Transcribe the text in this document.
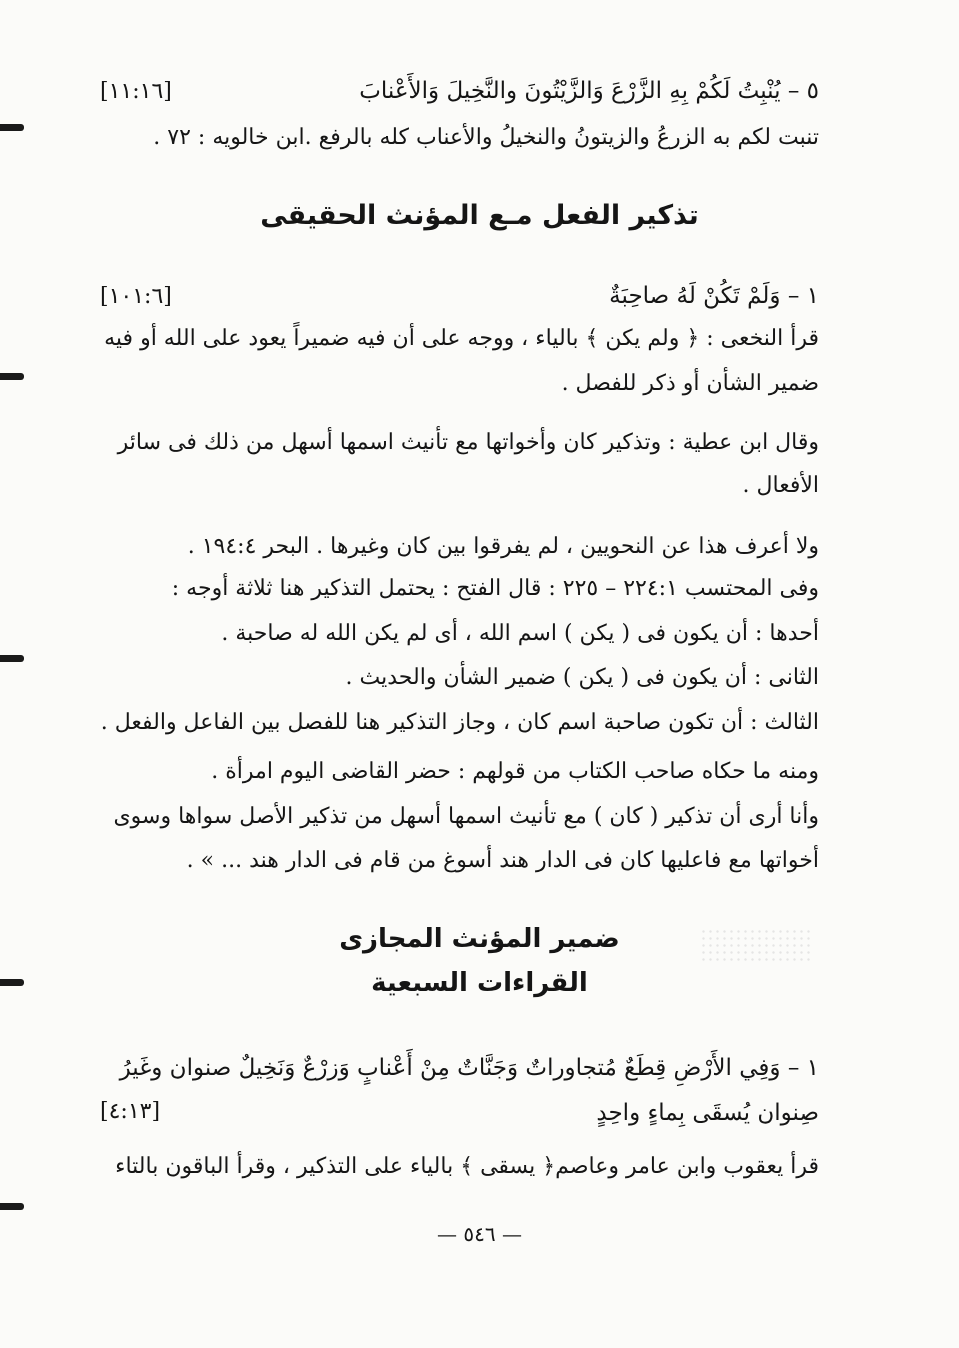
٥ – يُنْبِتُ لَكُمْ بِهِ الزَّرْعَ وَالزَّيْتُونَ والنَّخِيلَ وَالأَعْنابَ
[١١:١٦]
تنبت لكم به الزرعُ والزيتونُ والنخيلُ والأعناب كله بالرفع .ابن خالويه : ٧٢ .
تذكير الفعل مـع المؤنث الحقيقى
١ – وَلَمْ تَكُنْ لَهُ صاحِبَةٌ
[١٠١:٦]
قرأ النخعى : ﴿ ولم يكن ﴾ بالياء ، ووجه على أن فيه ضميراً يعود على الله أو فيه
ضمير الشأن أو ذكر للفصل .
وقال ابن عطية : وتذكير كان وأخواتها مع تأنيث اسمها أسهل من ذلك فى سائر
الأفعال .
ولا أعرف هذا عن النحويين ، لم يفرقوا بين كان وغيرها . البحر ١٩٤:٤ .
وفى المحتسب ٢٢٤:١ – ٢٢٥ : قال الفتح : يحتمل التذكير هنا ثلاثة أوجه :
أحدها : أن يكون فى ( يكن ) اسم الله ، أى لم يكن الله له صاحبة .
الثانى : أن يكون فى ( يكن ) ضمير الشأن والحديث .
الثالث : أن تكون صاحبة اسم كان ، وجاز التذكير هنا للفصل بين الفاعل والفعل .
ومنه ما حكاه صاحب الكتاب من قولهم : حضر القاضى اليوم امرأة .
وأنا أرى أن تذكير ( كان ) مع تأنيث اسمها أسهل من تذكير الأصل سواها وسوى
أخواتها مع فاعليها كان فى الدار هند أسوغ من قام فى الدار هند ... » .
ضمير المؤنث المجازى
القراءات السبعية
١ – وَفِي الأَرْضِ قِطَعٌ مُتجاوراتٌ وَجَنَّاتٌ مِنْ أَعْنابٍ وَزرْعٌ وَنَخِيلٌ صنوان وغَيرُ
صِنوان يُسقَى بِماءٍ واحِدٍ
[٤:١٣]
قرأ يعقوب وابن عامر وعاصم﴿ يسقى ﴾ بالياء على التذكير ، وقرأ الباقون بالتاء
— ٥٤٦ —
